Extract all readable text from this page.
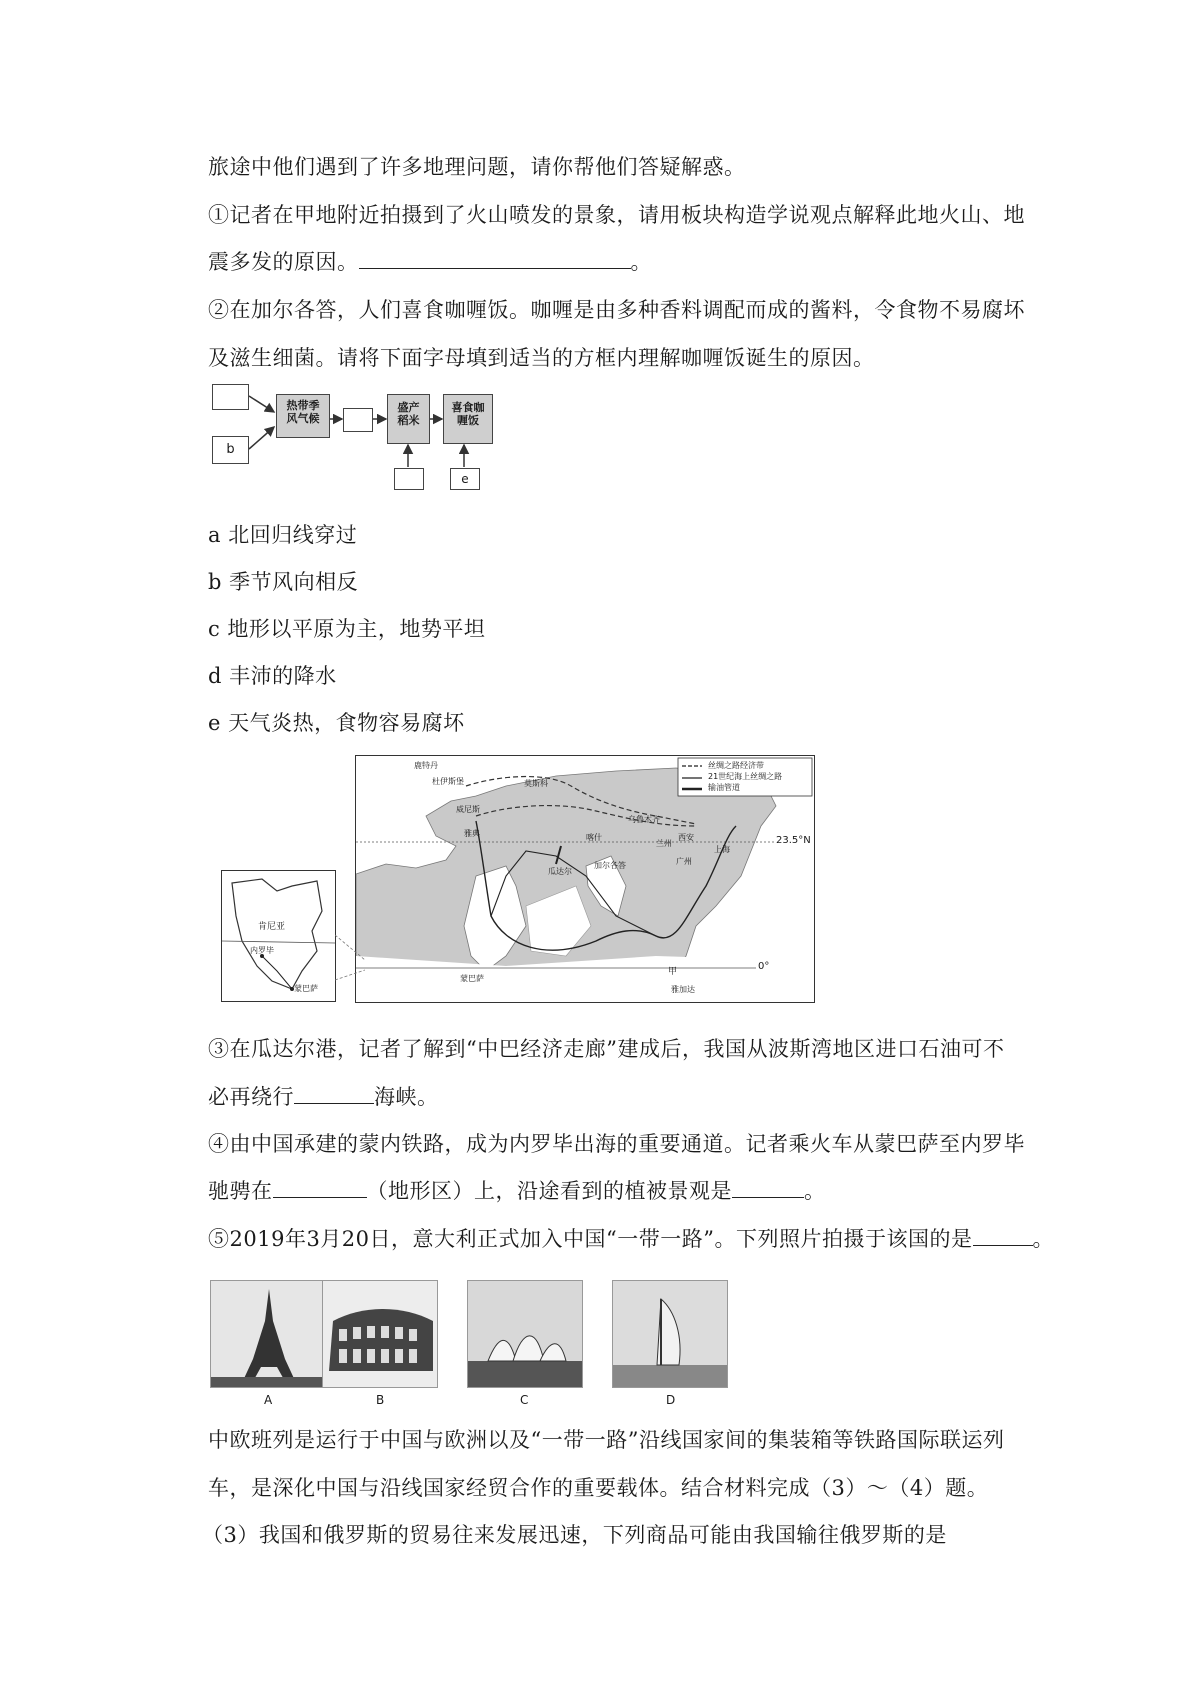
旅途中他们遇到了许多地理问题，请你帮他们答疑解惑。
①记者在甲地附近拍摄到了火山喷发的景象，请用板块构造学说观点解释此地火山、地
震多发的原因。	。
②在加尔各答，人们喜食咖喱饭。咖喱是由多种香料调配而成的酱料，令食物不易腐坏
及滋生细菌。请将下面字母填到适当的方框内理解咖喱饭诞生的原因。
b
热带季风气候
盛产稻米
喜食咖喱饭
e
a 北回归线穿过
b 季节风向相反
c 地形以平原为主，地势平坦
d 丰沛的降水
e 天气炎热，食物容易腐坏
丝绸之路经济带
21世纪海上丝绸之路
输油管道
杜伊斯堡
鹿特丹
威尼斯
雅典
莫斯科
乌鲁木齐
喀什
兰州
西安
上海
广州
瓜达尔
加尔各答
蒙巴萨
雅加达
甲
23.5°N
0°
肯尼亚
内罗毕
蒙巴萨
③在瓜达尔港，记者了解到“中巴经济走廊”建成后，我国从波斯湾地区进口石油可不
必再绕行	海峡。
④由中国承建的蒙内铁路，成为内罗毕出海的重要通道。记者乘火车从蒙巴萨至内罗毕
驰骋在	（地形区）上，沿途看到的植被景观是	。
⑤2019年3月20日，意大利正式加入中国“一带一路”。下列照片拍摄于该国的是	。
A	B	C	D
中欧班列是运行于中国与欧洲以及“一带一路”沿线国家间的集装箱等铁路国际联运列
车，是深化中国与沿线国家经贸合作的重要载体。结合材料完成（3）～（4）题。
（3）我国和俄罗斯的贸易往来发展迅速，下列商品可能由我国输往俄罗斯的是
